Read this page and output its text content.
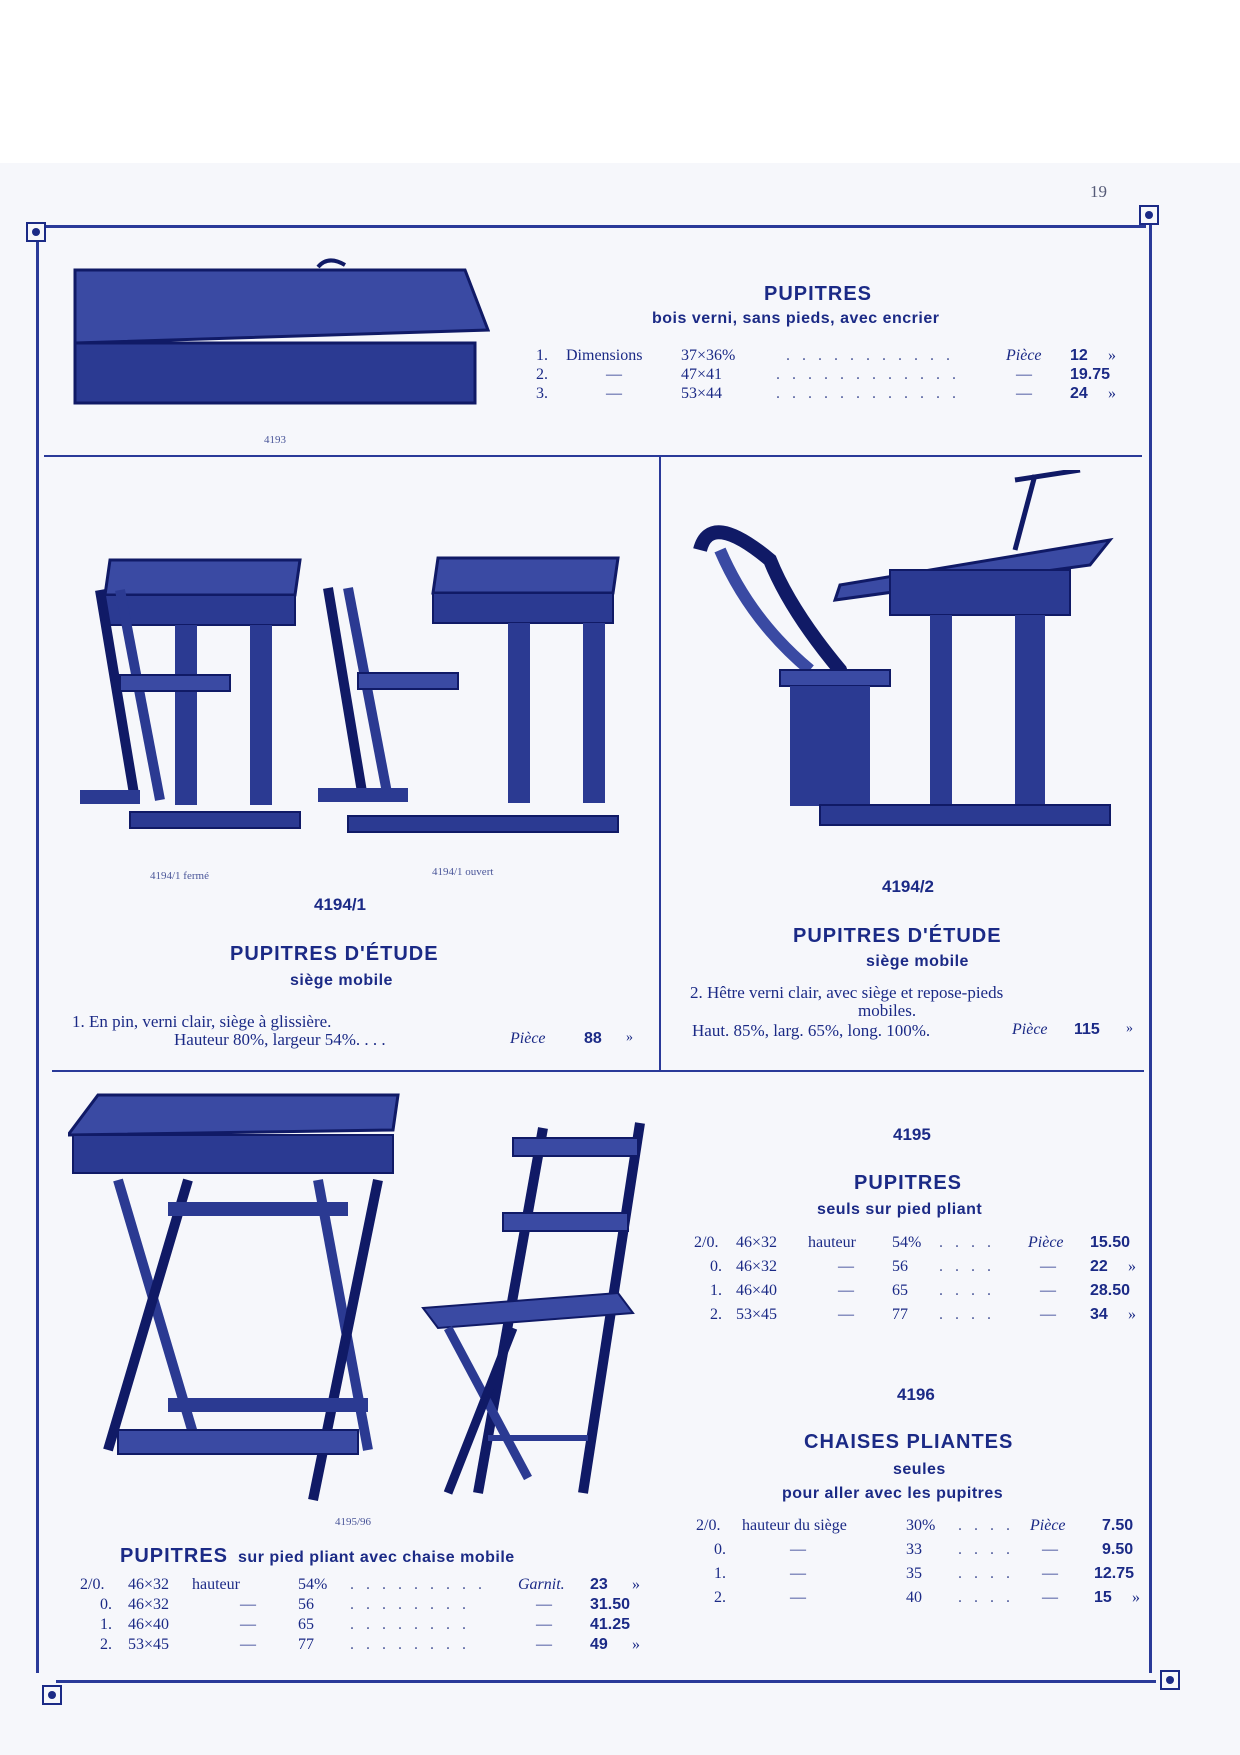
19
4193
PUPITRES
bois verni, sans pieds, avec encrier
1. Dimensions 37×36%	. . . . . . . . . . .	Pièce 12 »
2.	—	47×41	. . . . . . . . . . . .	— 19.75
3.	—	53×44	. . . . . . . . . . . .	— 24 »
4194/1 fermé	4194/1 ouvert
4194/1
PUPITRES D'ÉTUDE
siège mobile
1. En pin, verni clair, siège à glissière.
Hauteur 80%, largeur 54%. . . .	Pièce 88 »
4194/2
PUPITRES D'ÉTUDE
siège mobile
2. Hêtre verni clair, avec siège et repose-pieds
mobiles.
Haut. 85%, larg. 65%, long. 100%.	Pièce 115 »
4195/96
PUPITRES sur pied pliant avec chaise mobile
2/0. 46×32 hauteur	54% . . . . . . . . . Garnit. 23 »
0. 46×32	—	56 . . . . . . . .	— 31.50
1. 46×40	—	65 . . . . . . . .	— 41.25
2. 53×45	—	77 . . . . . . . .	— 49 »
4195
PUPITRES
seuls sur pied pliant
2/0. 46×32 hauteur 54% . . . . Pièce 15.50
0. 46×32	— 56 . . . .	— 22 »
1. 46×40	— 65 . . . .	— 28.50
2. 53×45	— 77 . . . .	— 34 »
4196
CHAISES PLIANTES
seules
pour aller avec les pupitres
2/0. hauteur du siège	30% . . . . Pièce 7.50
0.	—	33 . . . . —	9.50
1.	—	35 . . . . — 12.75
2.	—	40 . . . . — 15 »
